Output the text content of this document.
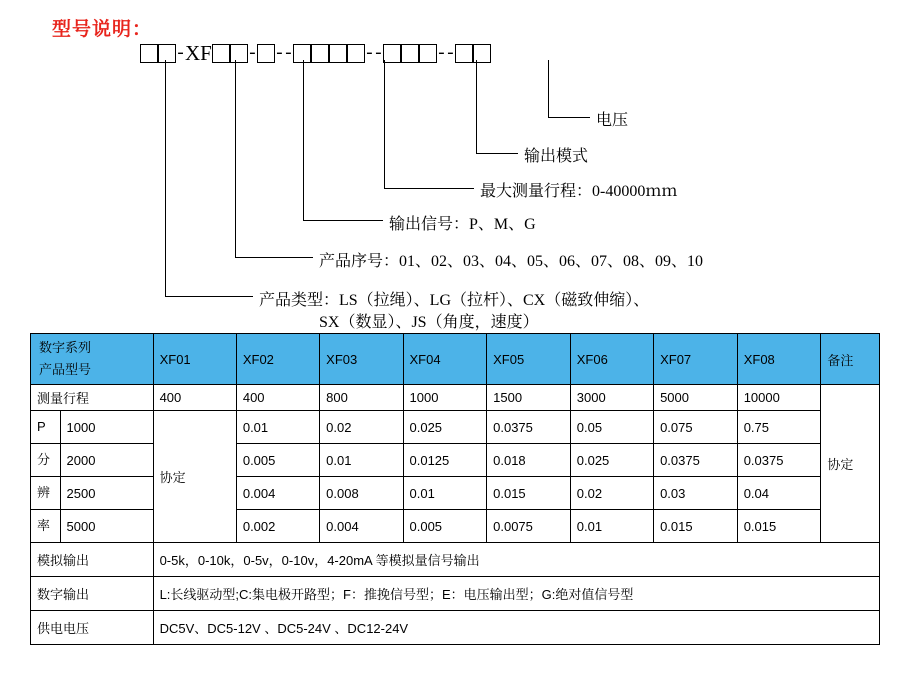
型号说明：
- XF - - -	- -	- -
电压
输出模式
最大测量行程：0-40000ｍｍ
输出信号：P、M、G
产品序号：01、02、03、04、05、06、07、08、09、10
产品类型：LS（拉绳）、LG（拉杆）、CX（磁致伸缩）、
SX（数显）、JS（角度，速度）
数字系列
产品型号		XF01	XF02	XF03	XF04	XF05	XF06	XF07	XF08	备注
测量行程		400	400	800	1000	1500	3000	5000	10000	协定
P	1000	协定	0.01	0.02	0.025	0.0375	0.05	0.075	0.75	
分	2000		0.005	0.01	0.0125	0.018	0.025	0.0375	0.0375	
辨	2500		0.004	0.008	0.01	0.015	0.02	0.03	0.04	
率	5000		0.002	0.004	0.005	0.0075	0.01	0.015	0.015	
模拟输出		0-5k，0-10k，0-5v，0-10v，4-20mA 等模拟量信号输出								
数字输出		L:长线驱动型;C:集电极开路型；F：推挽信号型；E：电压输出型；G:绝对值信号型								
供电电压		DC5V、DC5-12V 、DC5-24V 、DC12-24V								
